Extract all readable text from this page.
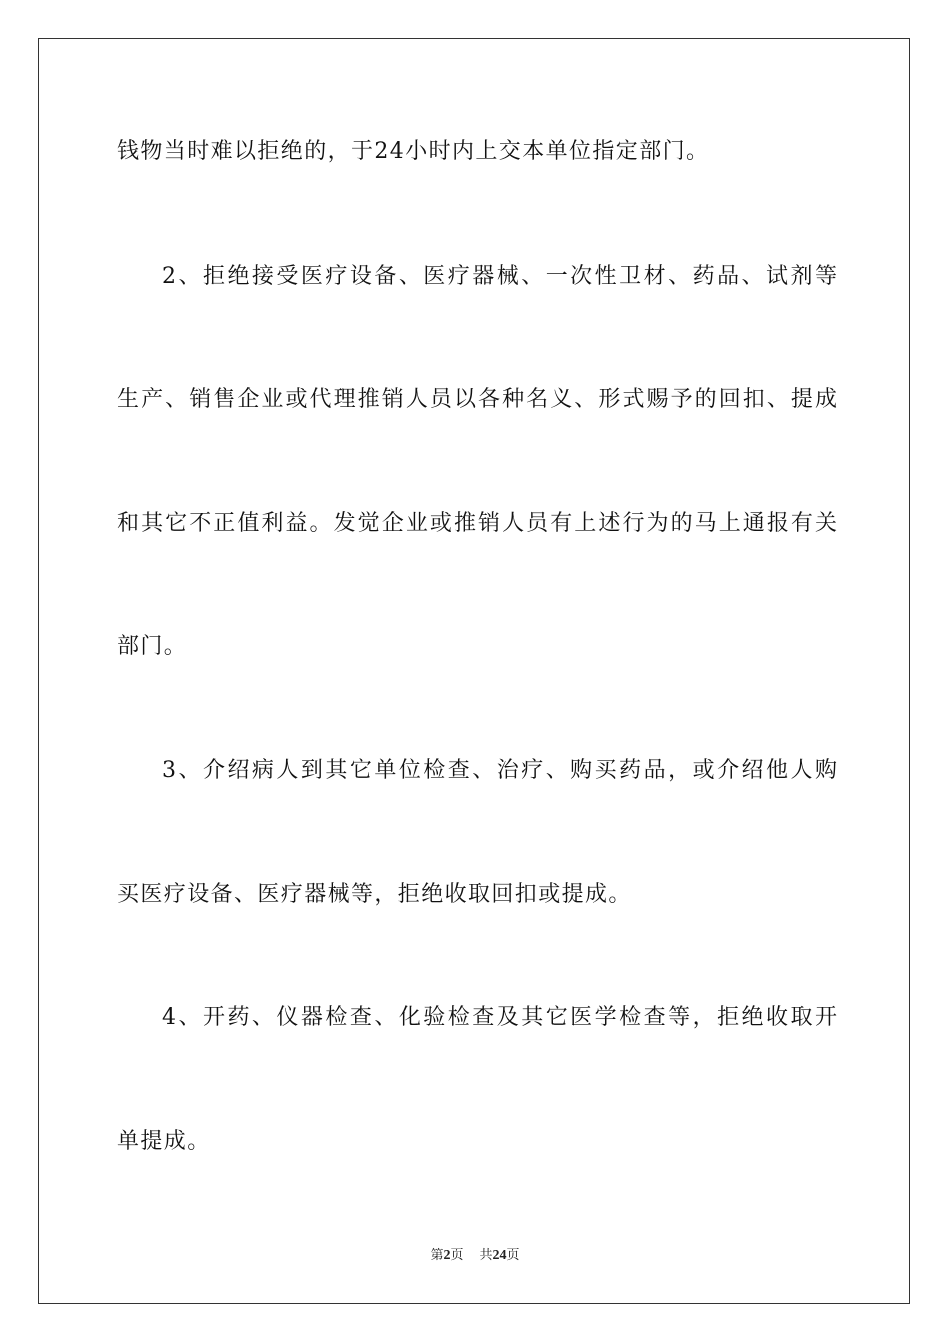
钱物当时难以拒绝的，于24小时内上交本单位指定部门。
2、拒绝接受医疗设备、医疗器械、一次性卫材、药品、试剂等
生产、销售企业或代理推销人员以各种名义、形式赐予的回扣、提成
和其它不正值利益。发觉企业或推销人员有上述行为的马上通报有关
部门。
3、介绍病人到其它单位检查、治疗、购买药品，或介绍他人购
买医疗设备、医疗器械等，拒绝收取回扣或提成。
4、开药、仪器检查、化验检查及其它医学检查等，拒绝收取开
单提成。
第2页 共24页
